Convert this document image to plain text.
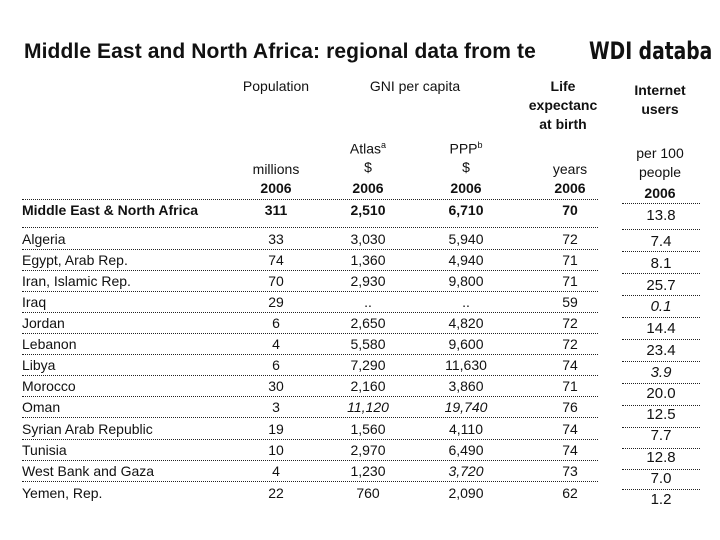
Middle East and North Africa: regional data from te WDI databa
Population	GNI per capita	Life
expectanc
at birth
Internet
users
Atlas$^a$	PPP$^b$
$	$
millions	years
per 100
people
2006	2006	2006	2006	2006
Middle East & North Africa	311	2,510	6,710	70	13.8
Algeria	33	3,030	5,940	72	7.4
Egypt, Arab Rep.	74	1,360	4,940	71	8.1
Iran, Islamic Rep.	70	2,930	9,800	71	25.7
Iraq	29	..	..	59	0.1
Jordan	6	2,650	4,820	72	14.4
Lebanon	4	5,580	9,600	72	23.4
Libya	6	7,290	11,630	74	3.9
Morocco	30	2,160	3,860	71	20.0
Oman	3	11,120	19,740	76	12.5
Syrian Arab Republic	19	1,560	4,110	74	7.7
Tunisia	10	2,970	6,490	74	12.8
West Bank and Gaza	4	1,230	3,720	73	7.0
Yemen, Rep.	22	760	2,090	62	1.2
